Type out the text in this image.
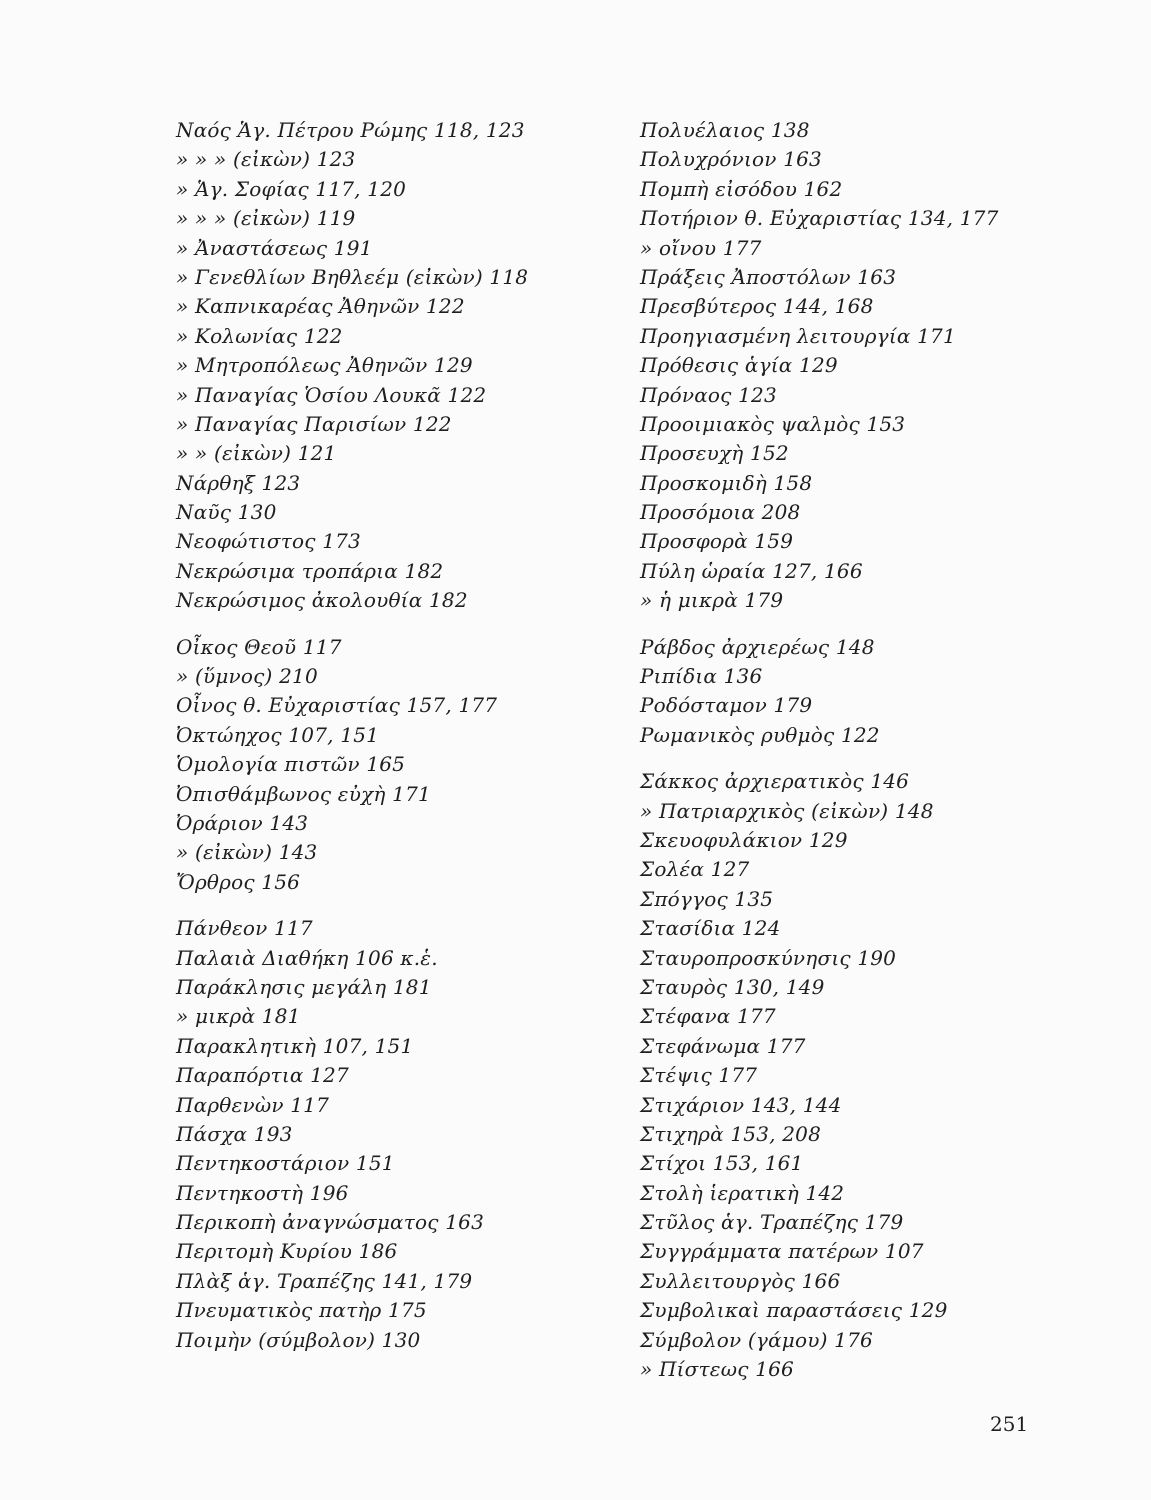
Ναός Ἁγ. Πέτρου Ρώμης 118, 123
» » » (εἰκὼν) 123
» Ἁγ. Σοφίας 117, 120
» » » (εἰκὼν) 119
» Ἀναστάσεως 191
» Γενεθλίων Βηθλεέμ (εἰκὼν) 118
» Καπνικαρέας Ἀθηνῶν 122
» Κολωνίας 122
» Μητροπόλεως Ἀθηνῶν 129
» Παναγίας Ὁσίου Λουκᾶ 122
» Παναγίας Παρισίων 122
» » (εἰκὼν) 121
Νάρθηξ 123
Ναῦς 130
Νεοφώτιστος 173
Νεκρώσιμα τροπάρια 182
Νεκρώσιμος ἀκολουθία 182
Οἶκος Θεοῦ 117
» (ὕμνος) 210
Οἶνος θ. Εὐχαριστίας 157, 177
Ὀκτώηχος 107, 151
Ὁμολογία πιστῶν 165
Ὀπισθάμβωνος εὐχὴ 171
Ὀράριον 143
» (εἰκὼν) 143
Ὄρθρος 156
Πάνθεον 117
Παλαιὰ Διαθήκη 106 κ.ἑ.
Παράκλησις μεγάλη 181
» μικρὰ 181
Παρακλητικὴ 107, 151
Παραπόρτια 127
Παρθενὼν 117
Πάσχα 193
Πεντηκοστάριον 151
Πεντηκοστὴ 196
Περικοπὴ ἀναγνώσματος 163
Περιτομὴ Κυρίου 186
Πλὰξ ἁγ. Τραπέζης 141, 179
Πνευματικὸς πατὴρ 175
Ποιμὴν (σύμβολον) 130
Πολυέλαιος 138
Πολυχρόνιον 163
Πομπὴ εἰσόδου 162
Ποτήριον θ. Εὐχαριστίας 134, 177
» οἴνου 177
Πράξεις Ἀποστόλων 163
Πρεσβύτερος 144, 168
Προηγιασμένη λειτουργία 171
Πρόθεσις ἁγία 129
Πρόναος 123
Προοιμιακὸς ψαλμὸς 153
Προσευχὴ 152
Προσκομιδὴ 158
Προσόμοια 208
Προσφορὰ 159
Πύλη ὡραία 127, 166
» ἡ μικρὰ 179
Ράβδος ἀρχιερέως 148
Ριπίδια 136
Ροδόσταμον 179
Ρωμανικὸς ρυθμὸς 122
Σάκκος ἀρχιερατικὸς 146
» Πατριαρχικὸς (εἰκὼν) 148
Σκευοφυλάκιον 129
Σολέα 127
Σπόγγος 135
Στασίδια 124
Σταυροπροσκύνησις 190
Σταυρὸς 130, 149
Στέφανα 177
Στεφάνωμα 177
Στέψις 177
Στιχάριον 143, 144
Στιχηρὰ 153, 208
Στίχοι 153, 161
Στολὴ ἱερατικὴ 142
Στῦλος ἁγ. Τραπέζης 179
Συγγράμματα πατέρων 107
Συλλειτουργὸς 166
Συμβολικαὶ παραστάσεις 129
Σύμβολον (γάμου) 176
» Πίστεως 166
251
